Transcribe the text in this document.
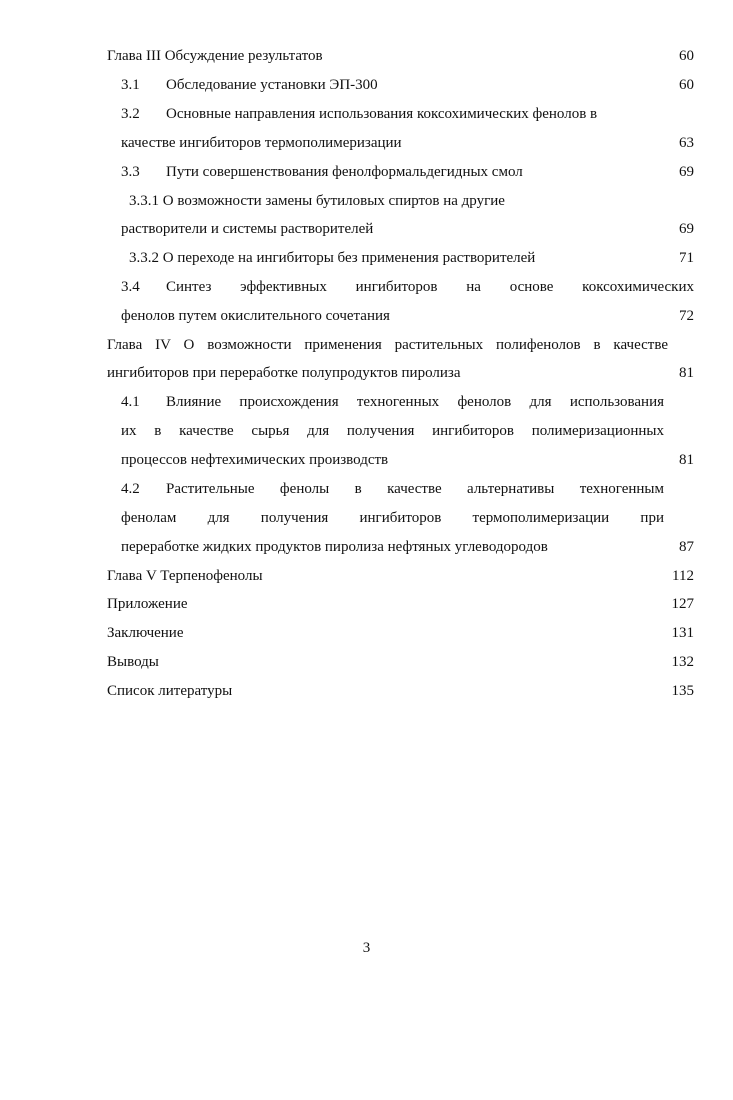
Глава III Обсуждение результатов	60
3.1 Обследование установки ЭП-300	60
3.2 Основные направления использования коксохимических фенолов в
качестве ингибиторов термополимеризации	63
3.3 Пути совершенствования фенолформальдегидных смол	69
3.3.1 О возможности замены бутиловых спиртов на другие
растворители и системы растворителей	69
3.3.2 О переходе на ингибиторы без применения растворителей	71
3.4 Синтез эффективных ингибиторов на основе коксохимических
фенолов путем окислительного сочетания	72
Глава IV О возможности применения растительных полифенолов в качестве
ингибиторов при переработке полупродуктов пиролиза	81
4.1 Влияние происхождения техногенных фенолов для использования
их в качестве сырья для получения ингибиторов полимеризационных
процессов нефтехимических производств	81
4.2 Растительные фенолы в качестве альтернативы техногенным
фенолам для получения ингибиторов термополимеризации при
переработке жидких продуктов пиролиза нефтяных углеводородов	87
Глава V Терпенофенолы	112
Приложение	127
Заключение	131
Выводы	132
Список литературы	135
3
